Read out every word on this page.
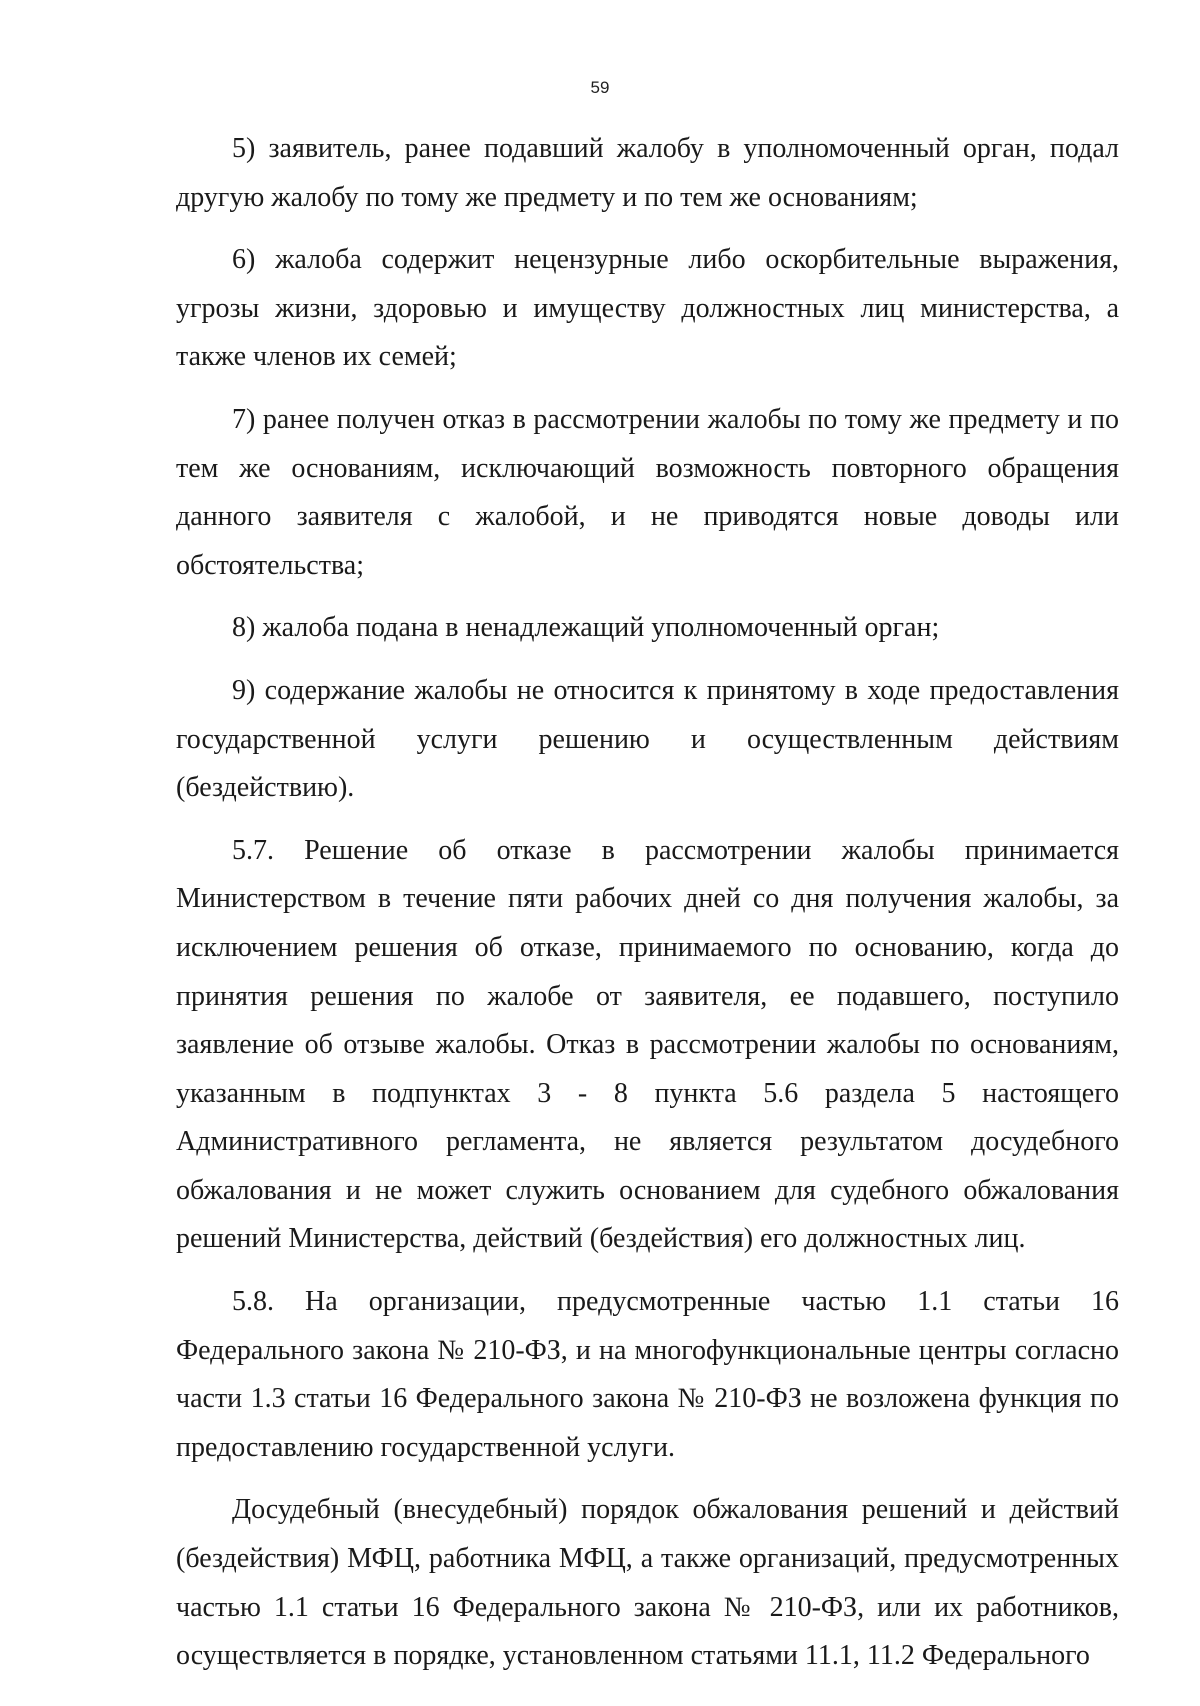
59

5) заявитель, ранее подавший жалобу в уполномоченный орган, подал другую жалобу по тому же предмету и по тем же основаниям;

6) жалоба содержит нецензурные либо оскорбительные выражения, угрозы жизни, здоровью и имуществу должностных лиц министерства, а также членов их семей;

7) ранее получен отказ в рассмотрении жалобы по тому же предмету и по тем же основаниям, исключающий возможность повторного обращения данного заявителя с жалобой, и не приводятся новые доводы или обстоятельства;

8) жалоба подана в ненадлежащий уполномоченный орган;

9) содержание жалобы не относится к принятому в ходе предоставления государственной услуги решению и осуществленным действиям (бездействию).

5.7. Решение об отказе в рассмотрении жалобы принимается Министерством в течение пяти рабочих дней со дня получения жалобы, за исключением решения об отказе, принимаемого по основанию, когда до принятия решения по жалобе от заявителя, ее подавшего, поступило заявление об отзыве жалобы. Отказ в рассмотрении жалобы по основаниям, указанным в подпунктах 3 - 8 пункта 5.6 раздела 5 настоящего Административного регламента, не является результатом досудебного обжалования и не может служить основанием для судебного обжалования решений Министерства, действий (бездействия) его должностных лиц.

5.8. На организации, предусмотренные частью 1.1 статьи 16 Федерального закона № 210-ФЗ, и на многофункциональные центры согласно части 1.3 статьи 16 Федерального закона № 210-ФЗ не возложена функция по предоставлению государственной услуги.

Досудебный (внесудебный) порядок обжалования решений и действий (бездействия) МФЦ, работника МФЦ, а также организаций, предусмотренных частью 1.1 статьи 16 Федерального закона № 210-ФЗ, или их работников, осуществляется в порядке, установленном статьями 11.1, 11.2 Федерального
